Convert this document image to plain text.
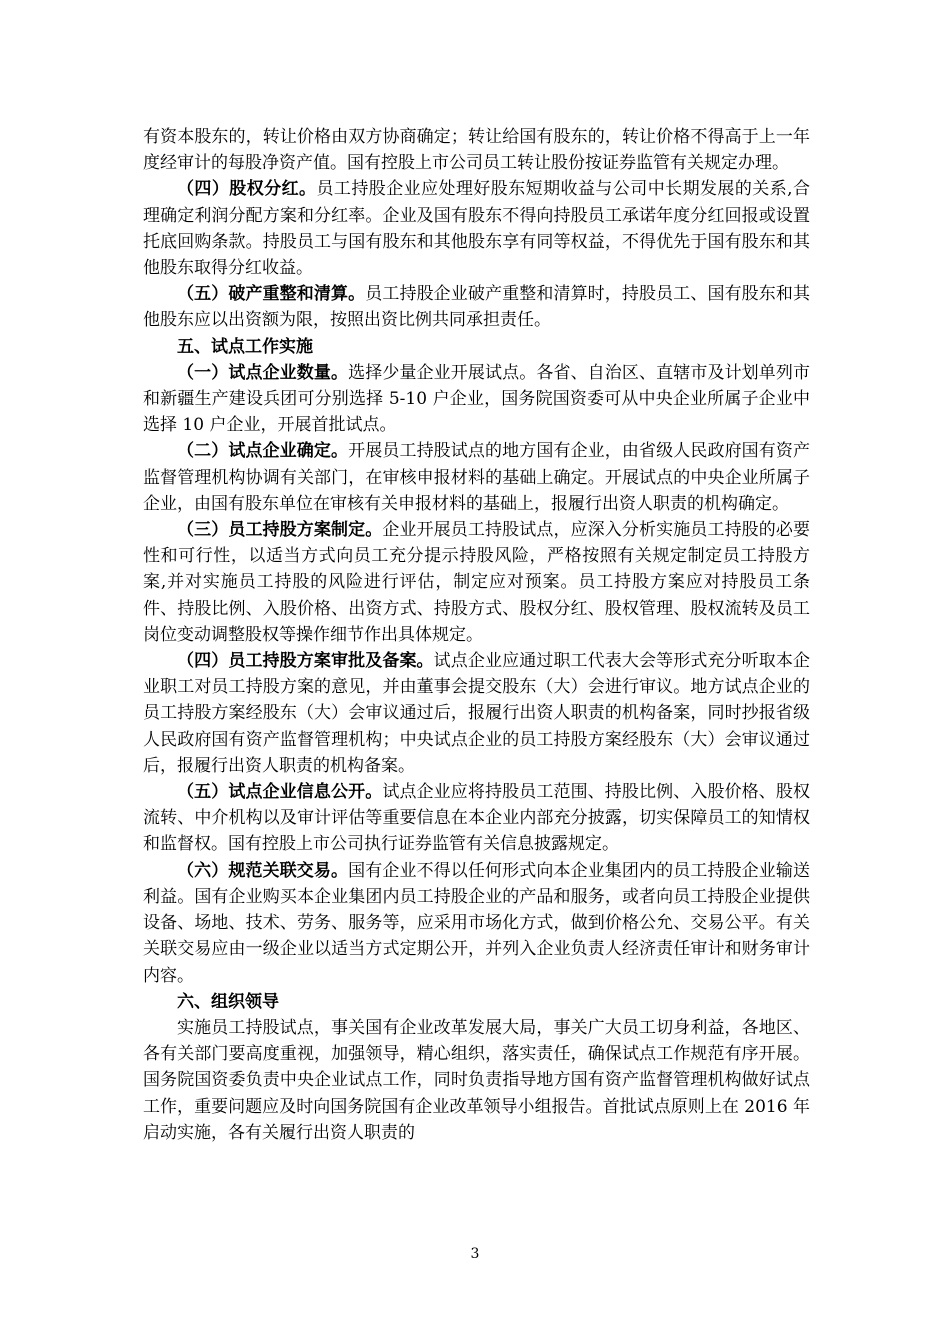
有资本股东的，转让价格由双方协商确定；转让给国有股东的，转让价格不得高于上一年度经审计的每股净资产值。国有控股上市公司员工转让股份按证券监管有关规定办理。

（四）股权分红。员工持股企业应处理好股东短期收益与公司中长期发展的关系,合理确定利润分配方案和分红率。企业及国有股东不得向持股员工承诺年度分红回报或设置托底回购条款。持股员工与国有股东和其他股东享有同等权益，不得优先于国有股东和其他股东取得分红收益。

（五）破产重整和清算。员工持股企业破产重整和清算时，持股员工、国有股东和其他股东应以出资额为限，按照出资比例共同承担责任。

五、试点工作实施

（一）试点企业数量。选择少量企业开展试点。各省、自治区、直辖市及计划单列市和新疆生产建设兵团可分别选择 5-10 户企业，国务院国资委可从中央企业所属子企业中选择 10 户企业，开展首批试点。

（二）试点企业确定。开展员工持股试点的地方国有企业，由省级人民政府国有资产监督管理机构协调有关部门，在审核申报材料的基础上确定。开展试点的中央企业所属子企业，由国有股东单位在审核有关申报材料的基础上，报履行出资人职责的机构确定。

（三）员工持股方案制定。企业开展员工持股试点，应深入分析实施员工持股的必要性和可行性，以适当方式向员工充分提示持股风险，严格按照有关规定制定员工持股方案,并对实施员工持股的风险进行评估，制定应对预案。员工持股方案应对持股员工条件、持股比例、入股价格、出资方式、持股方式、股权分红、股权管理、股权流转及员工岗位变动调整股权等操作细节作出具体规定。

（四）员工持股方案审批及备案。试点企业应通过职工代表大会等形式充分听取本企业职工对员工持股方案的意见，并由董事会提交股东（大）会进行审议。地方试点企业的员工持股方案经股东（大）会审议通过后，报履行出资人职责的机构备案，同时抄报省级人民政府国有资产监督管理机构；中央试点企业的员工持股方案经股东（大）会审议通过后，报履行出资人职责的机构备案。

（五）试点企业信息公开。试点企业应将持股员工范围、持股比例、入股价格、股权流转、中介机构以及审计评估等重要信息在本企业内部充分披露，切实保障员工的知情权和监督权。国有控股上市公司执行证券监管有关信息披露规定。

（六）规范关联交易。国有企业不得以任何形式向本企业集团内的员工持股企业输送利益。国有企业购买本企业集团内员工持股企业的产品和服务，或者向员工持股企业提供设备、场地、技术、劳务、服务等，应采用市场化方式，做到价格公允、交易公平。有关关联交易应由一级企业以适当方式定期公开，并列入企业负责人经济责任审计和财务审计内容。

六、组织领导

实施员工持股试点，事关国有企业改革发展大局，事关广大员工切身利益，各地区、各有关部门要高度重视，加强领导，精心组织，落实责任，确保试点工作规范有序开展。国务院国资委负责中央企业试点工作，同时负责指导地方国有资产监督管理机构做好试点工作，重要问题应及时向国务院国有企业改革领导小组报告。首批试点原则上在 2016 年启动实施，各有关履行出资人职责的

3
